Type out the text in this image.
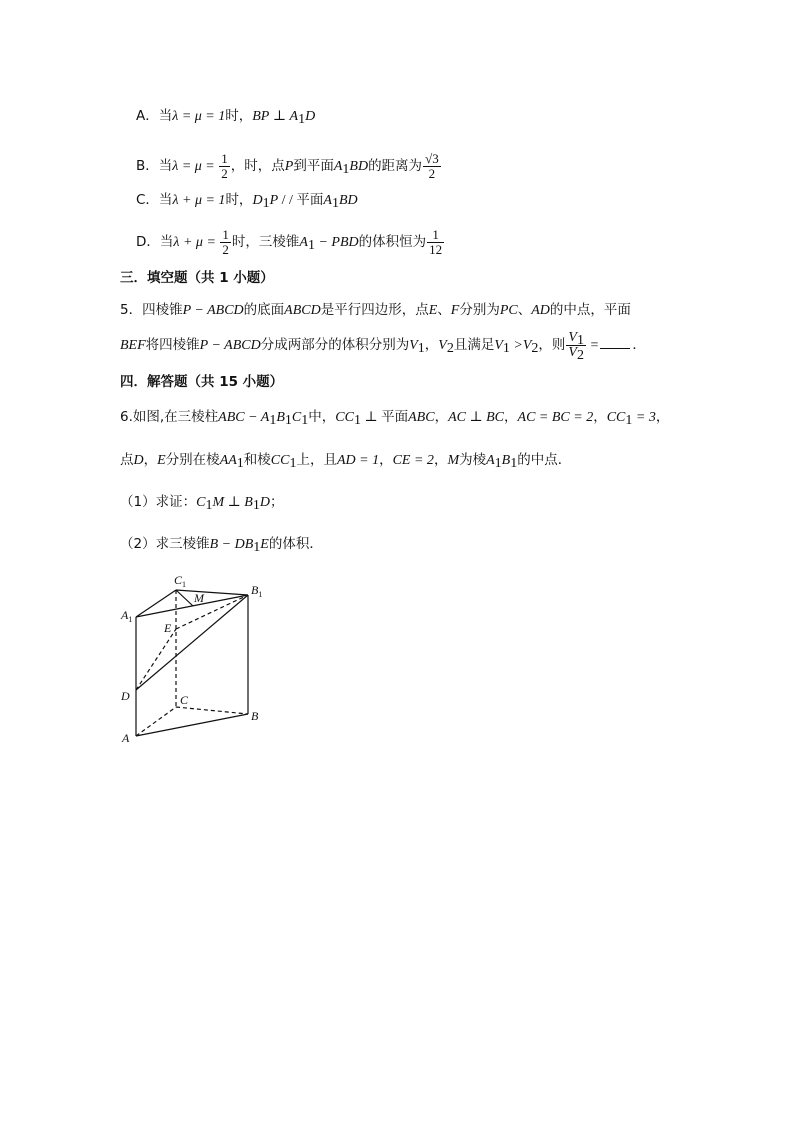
A．当λ = μ = 1时，BP ⊥ $A_1D$
B．当$\lambda = \mu = \frac{1}{2}$ ，时，点P到平面$A_1BD$的距离为 $\frac{√3}{2}$
C．当λ + μ = 1时，$D_1P$ / / 平面$A_1BD$
D．当$\lambda + \mu = \frac{1}{2}$ 时，三棱锥$A_1$ − PBD的体积恒为 $\frac{1}{12}$
三．填空题（共 1 小题）
5．四棱锥P − ABCD的底面ABCD是平行四边形，点E、F分别为PC、AD的中点，平面
BEF将四棱锥P − ABCD分成两部分的体积分别为$V_1$，$V_2$且满足$V_1 >V_2$，则 $\frac{V_1}{V_2}$ =	．
四．解答题（共 15 小题）
6.如图,在三棱柱ABC − $A_1B_1C_1$中，$CC_1$ ⊥ 平面ABC，AC ⊥ BC，AC = BC = 2，$CC_1 = 3$，
点D，E分别在棱$AA_1$和棱$CC_1$上，且AD = 1，CE = 2，M为棱$A_1B_1$的中点．
（1）求证：$C_1M$ ⊥ $B_1D$；
（2）求三棱锥$B - DB_1E$的体积．
$C_1$	$B_1$
$A_1$
M
E
D	C
B
A
